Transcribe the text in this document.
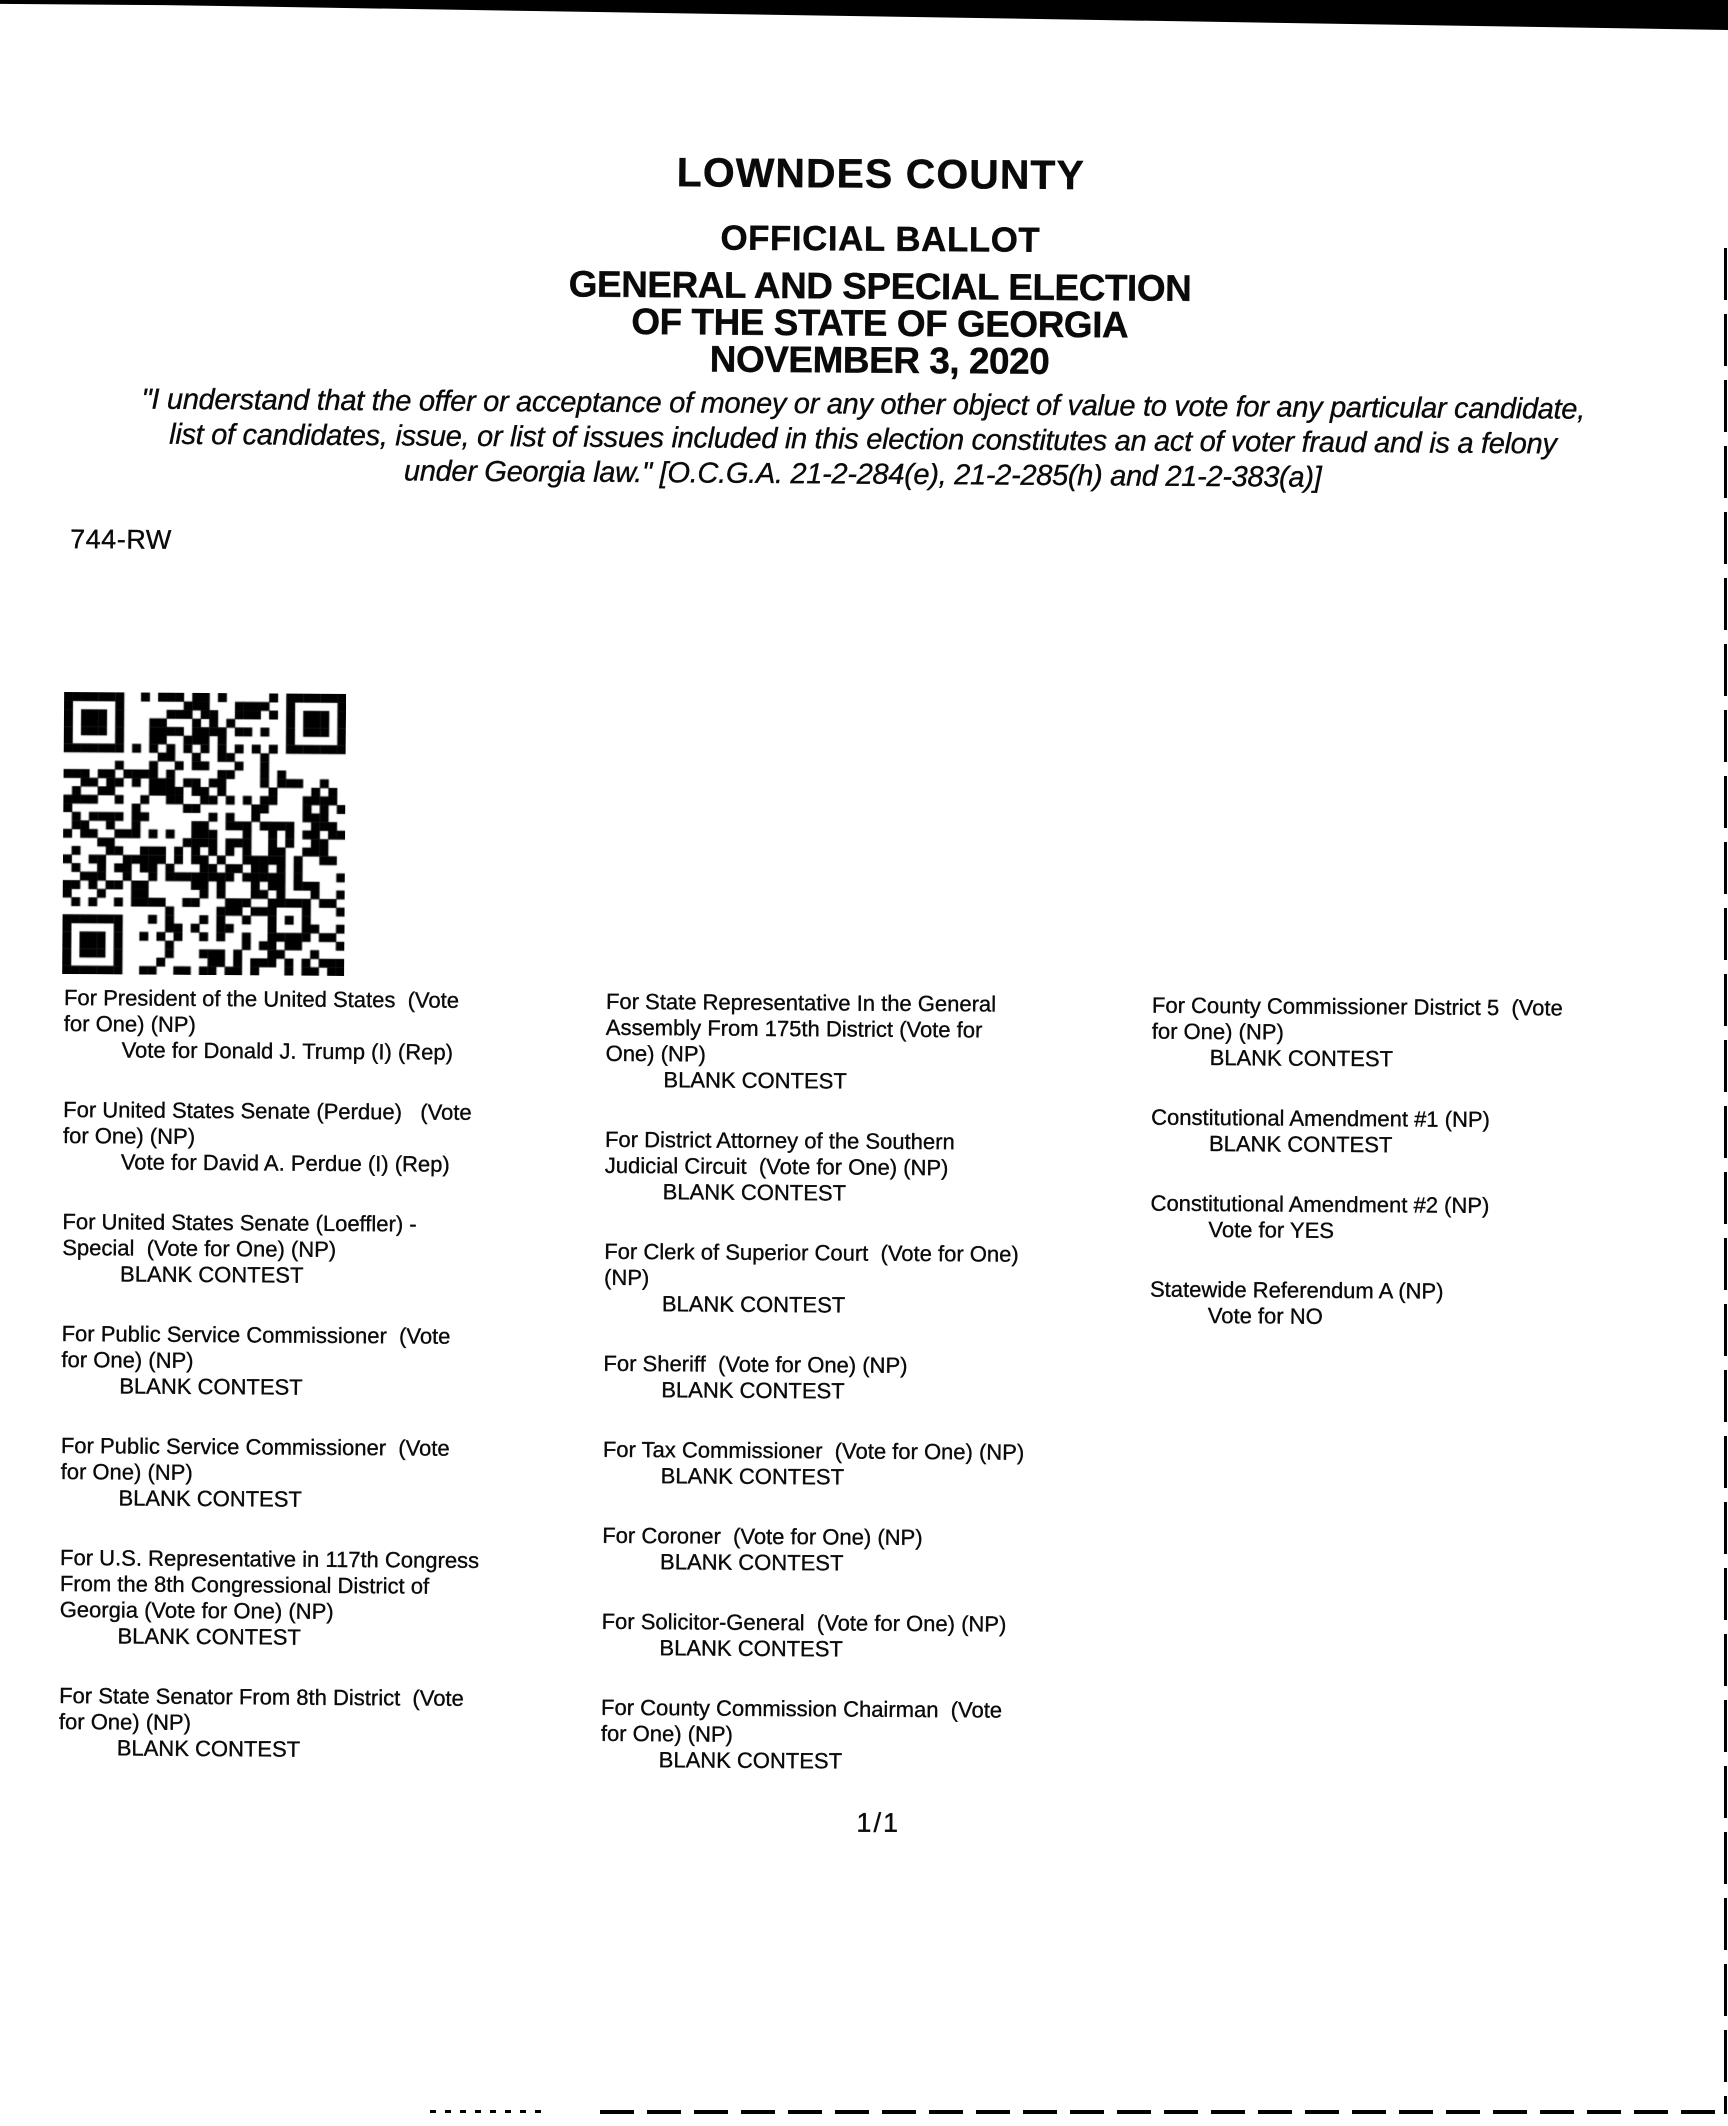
LOWNDES COUNTY
OFFICIAL BALLOT
GENERAL AND SPECIAL ELECTION
OF THE STATE OF GEORGIA
NOVEMBER 3, 2020
"I understand that the offer or acceptance of money or any other object of value to vote for any particular candidate,
list of candidates, issue, or list of issues included in this election constitutes an act of voter fraud and is a felony
under Georgia law." [O.C.G.A. 21-2-284(e), 21-2-285(h) and 21-2-383(a)]
744-RW
For President of the United States  (Vote
for One) (NP)
Vote for Donald J. Trump (I) (Rep)
For United States Senate (Perdue)   (Vote
for One) (NP)
Vote for David A. Perdue (I) (Rep)
For United States Senate (Loeffler) -
Special  (Vote for One) (NP)
BLANK CONTEST
For Public Service Commissioner  (Vote
for One) (NP)
BLANK CONTEST
For Public Service Commissioner  (Vote
for One) (NP)
BLANK CONTEST
For U.S. Representative in 117th Congress
From the 8th Congressional District of
Georgia (Vote for One) (NP)
BLANK CONTEST
For State Senator From 8th District  (Vote
for One) (NP)
BLANK CONTEST
For State Representative In the General
Assembly From 175th District (Vote for
One) (NP)
BLANK CONTEST
For District Attorney of the Southern
Judicial Circuit  (Vote for One) (NP)
BLANK CONTEST
For Clerk of Superior Court  (Vote for One)
(NP)
BLANK CONTEST
For Sheriff  (Vote for One) (NP)
BLANK CONTEST
For Tax Commissioner  (Vote for One) (NP)
BLANK CONTEST
For Coroner  (Vote for One) (NP)
BLANK CONTEST
For Solicitor-General  (Vote for One) (NP)
BLANK CONTEST
For County Commission Chairman  (Vote
for One) (NP)
BLANK CONTEST
For County Commissioner District 5  (Vote
for One) (NP)
BLANK CONTEST
Constitutional Amendment #1 (NP)
BLANK CONTEST
Constitutional Amendment #2 (NP)
Vote for YES
Statewide Referendum A (NP)
Vote for NO
1/1
